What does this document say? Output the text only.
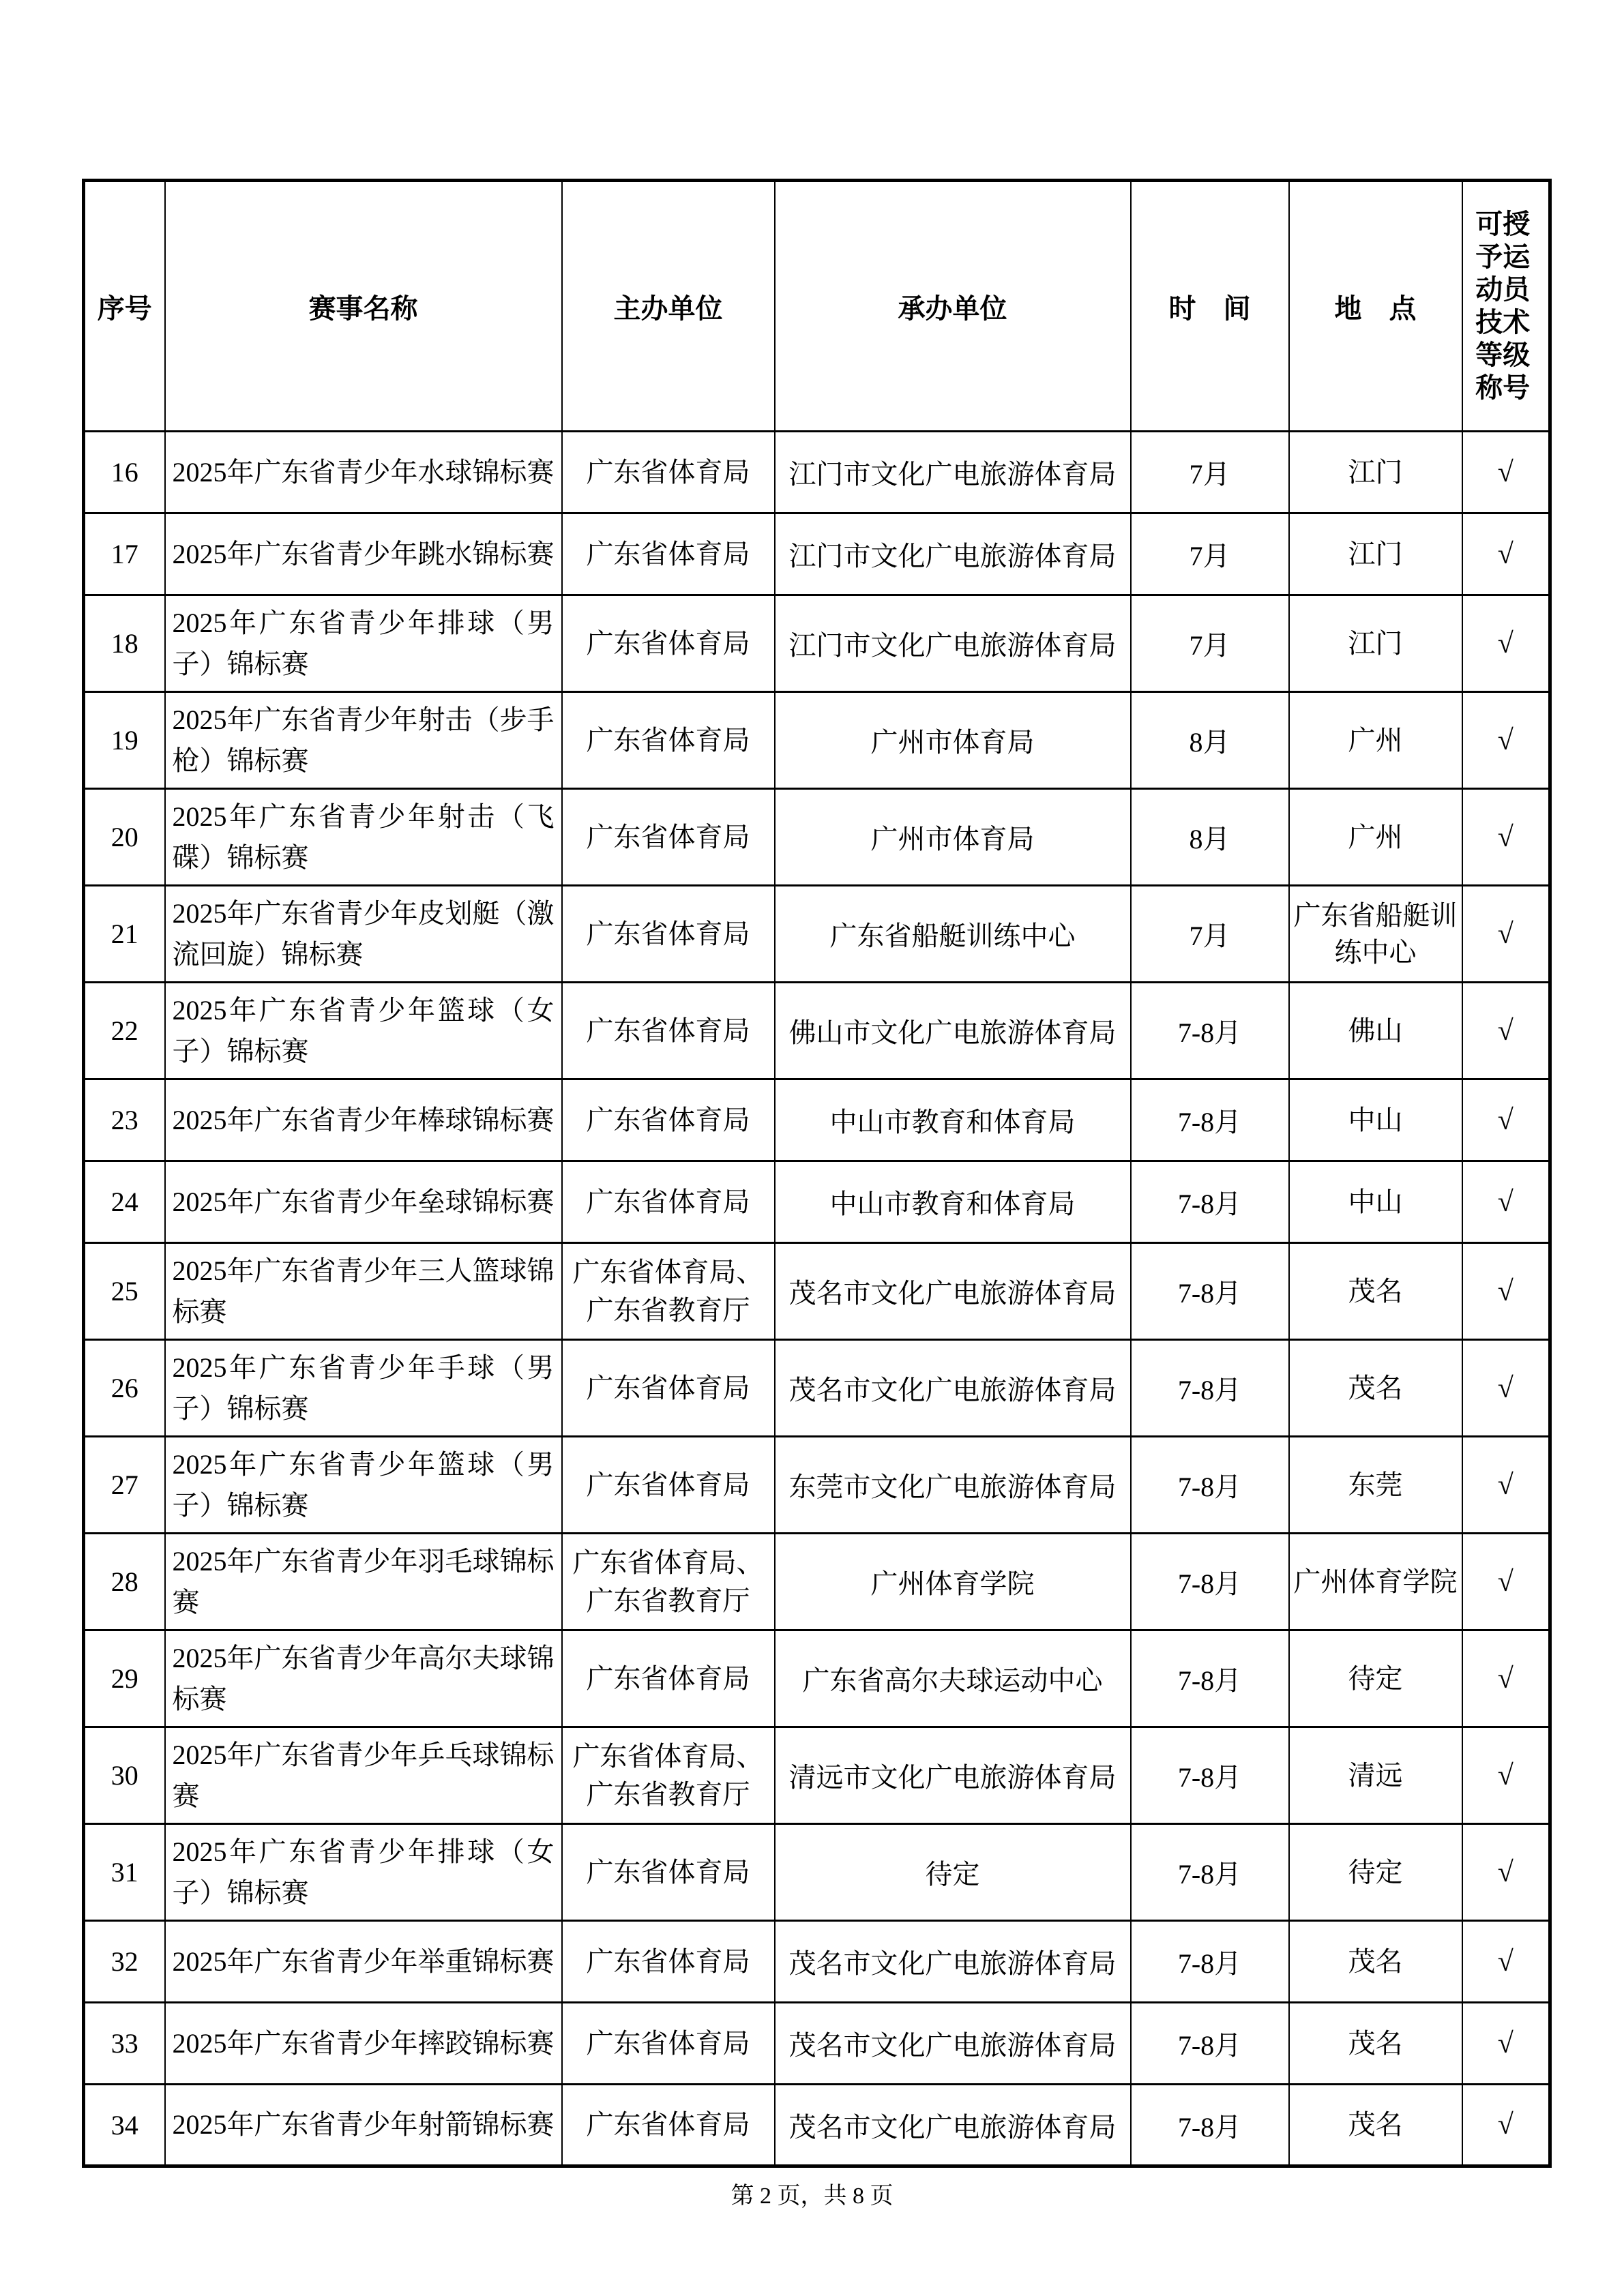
序号	赛事名称	主办单位	承办单位	时　间	地　点	可授予运动员技术等级称号

16	2025年广东省青少年水球锦标赛	广东省体育局	江门市文化广电旅游体育局	7月	江门	√
17	2025年广东省青少年跳水锦标赛	广东省体育局	江门市文化广电旅游体育局	7月	江门	√
18	2025年广东省青少年排球（男子）锦标赛	广东省体育局	江门市文化广电旅游体育局	7月	江门	√
19	2025年广东省青少年射击（步手枪）锦标赛	广东省体育局	广州市体育局	8月	广州	√
20	2025年广东省青少年射击（飞碟）锦标赛	广东省体育局	广州市体育局	8月	广州	√
21	2025年广东省青少年皮划艇（激流回旋）锦标赛	广东省体育局	广东省船艇训练中心	7月	广东省船艇训练中心	√
22	2025年广东省青少年篮球（女子）锦标赛	广东省体育局	佛山市文化广电旅游体育局	7-8月	佛山	√
23	2025年广东省青少年棒球锦标赛	广东省体育局	中山市教育和体育局	7-8月	中山	√
24	2025年广东省青少年垒球锦标赛	广东省体育局	中山市教育和体育局	7-8月	中山	√
25	2025年广东省青少年三人篮球锦标赛	广东省体育局、广东省教育厅	茂名市文化广电旅游体育局	7-8月	茂名	√
26	2025年广东省青少年手球（男子）锦标赛	广东省体育局	茂名市文化广电旅游体育局	7-8月	茂名	√
27	2025年广东省青少年篮球（男子）锦标赛	广东省体育局	东莞市文化广电旅游体育局	7-8月	东莞	√
28	2025年广东省青少年羽毛球锦标赛	广东省体育局、广东省教育厅	广州体育学院	7-8月	广州体育学院	√
29	2025年广东省青少年高尔夫球锦标赛	广东省体育局	广东省高尔夫球运动中心	7-8月	待定	√
30	2025年广东省青少年乒乓球锦标赛	广东省体育局、广东省教育厅	清远市文化广电旅游体育局	7-8月	清远	√
31	2025年广东省青少年排球（女子）锦标赛	广东省体育局	待定	7-8月	待定	√
32	2025年广东省青少年举重锦标赛	广东省体育局	茂名市文化广电旅游体育局	7-8月	茂名	√
33	2025年广东省青少年摔跤锦标赛	广东省体育局	茂名市文化广电旅游体育局	7-8月	茂名	√
34	2025年广东省青少年射箭锦标赛	广东省体育局	茂名市文化广电旅游体育局	7-8月	茂名	√
第 2 页，共 8 页
